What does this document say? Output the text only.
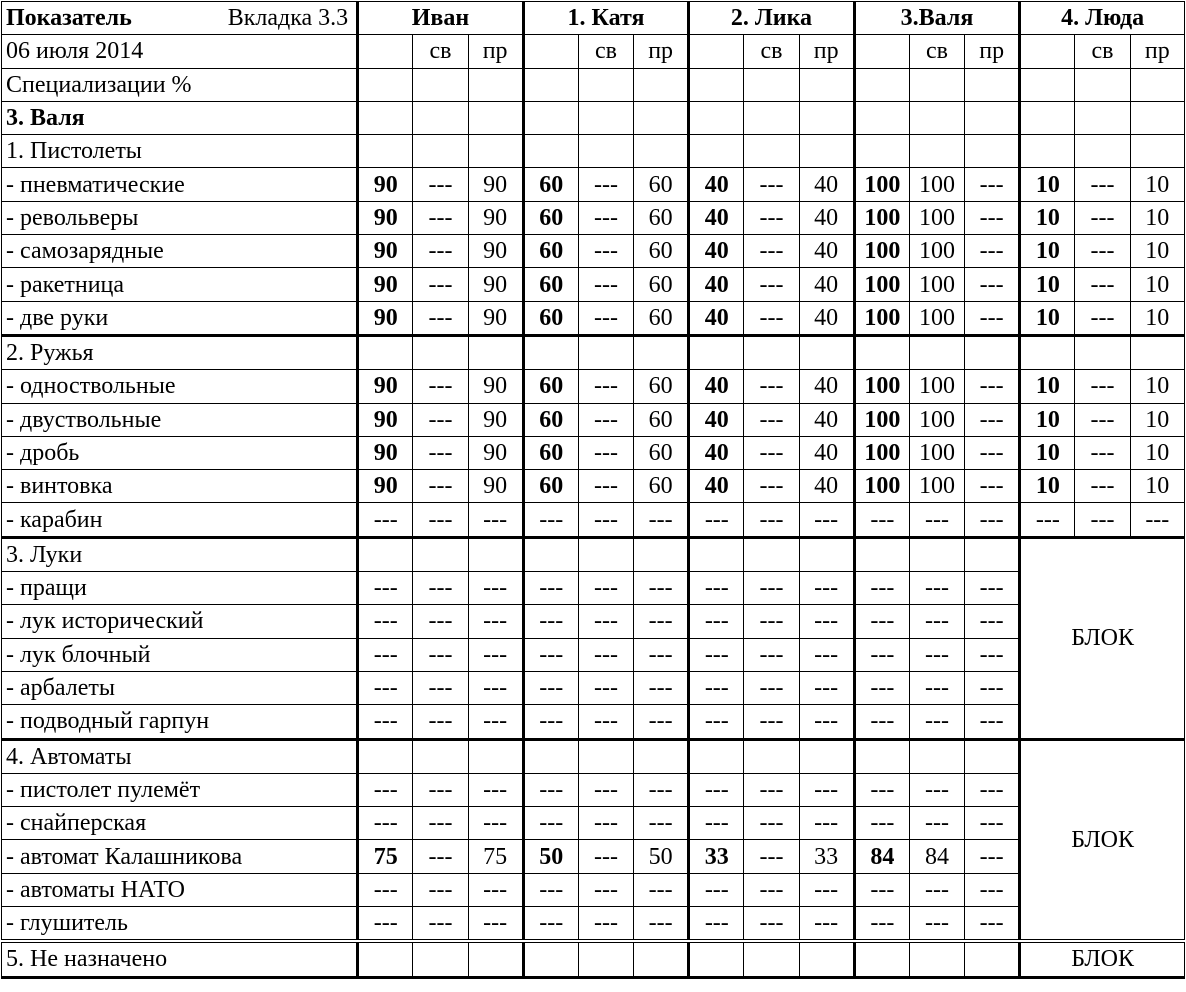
Показатель Вкладка 3.3	Иван			1. Катя			2. Лика			3.Валя			4. Люда		
06 июля 2014		св	пр		св	пр		св	пр		св	пр		св	пр
Специализации %															
3. Валя															
1. Пистолеты															
- пневматические	90	---	90	60	---	60	40	---	40	100	100	---	10	---	10
- револьверы	90	---	90	60	---	60	40	---	40	100	100	---	10	---	10
- самозарядные	90	---	90	60	---	60	40	---	40	100	100	---	10	---	10
- ракетница	90	---	90	60	---	60	40	---	40	100	100	---	10	---	10
- две руки	90	---	90	60	---	60	40	---	40	100	100	---	10	---	10
2. Ружья															
- одноствольные	90	---	90	60	---	60	40	---	40	100	100	---	10	---	10
- двуствольные	90	---	90	60	---	60	40	---	40	100	100	---	10	---	10
- дробь	90	---	90	60	---	60	40	---	40	100	100	---	10	---	10
- винтовка	90	---	90	60	---	60	40	---	40	100	100	---	10	---	10
- карабин	---	---	---	---	---	---	---	---	---	---	---	---	---	---	---
3. Луки													БЛОК		
- пращи	---	---	---	---	---	---	---	---	---	---	---	---			
- лук исторический	---	---	---	---	---	---	---	---	---	---	---	---			
- лук блочный	---	---	---	---	---	---	---	---	---	---	---	---			
- арбалеты	---	---	---	---	---	---	---	---	---	---	---	---			
- подводный гарпун	---	---	---	---	---	---	---	---	---	---	---	---			
4. Автоматы													БЛОК		
- пистолет пулемёт	---	---	---	---	---	---	---	---	---	---	---	---			
- снайперская	---	---	---	---	---	---	---	---	---	---	---	---			
- автомат Калашникова	75	---	75	50	---	50	33	---	33	84	84	---			
- автоматы НАТО	---	---	---	---	---	---	---	---	---	---	---	---			
- глушитель	---	---	---	---	---	---	---	---	---	---	---	---			
5. Не назначено													БЛОК		
